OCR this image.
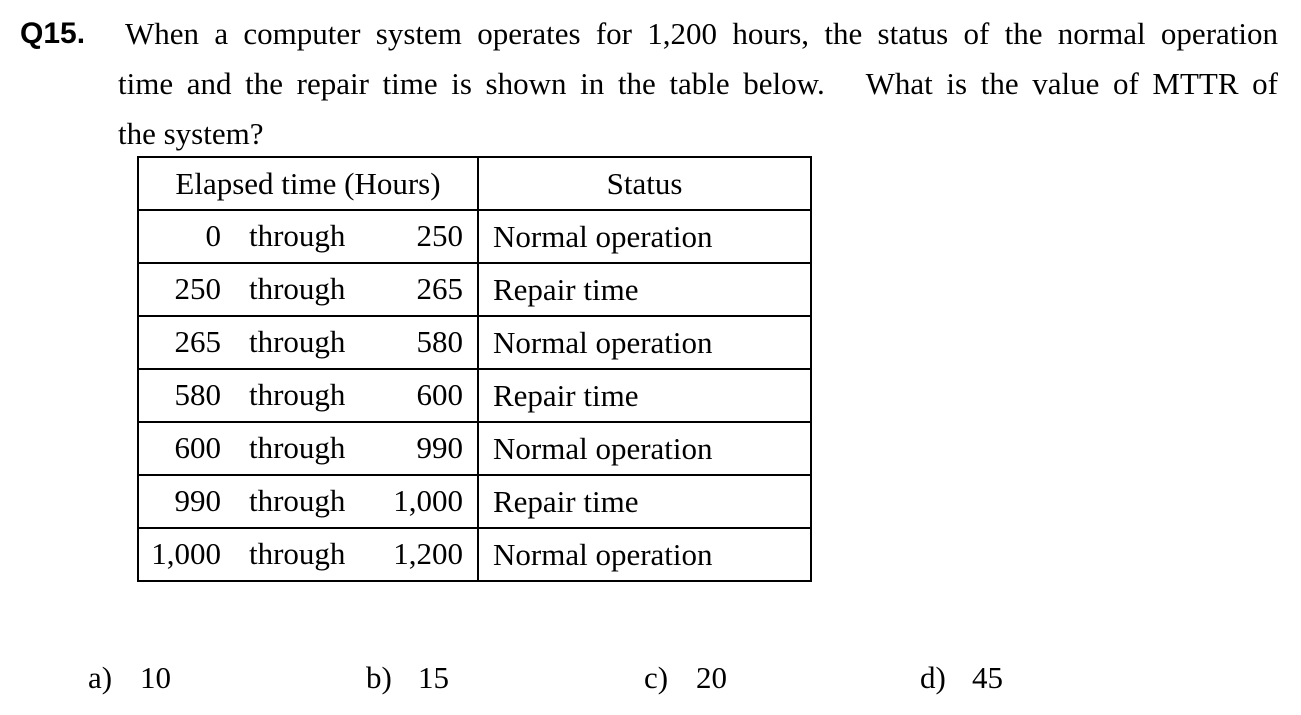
Q15. When a computer system operates for 1,200 hours, the status of the normal operation
time and the repair time is shown in the table below.   What is the value of MTTR of
the system?
Elapsed time (Hours)	Status

0 through 250	Normal operation

250 through 265	Repair time

265 through 580	Normal operation

580 through 600	Repair time

600 through 990	Normal operation

990 through 1,000	Repair time

1,000 through 1,200	Normal operation
a) 10	b) 15	c) 20	d) 45
